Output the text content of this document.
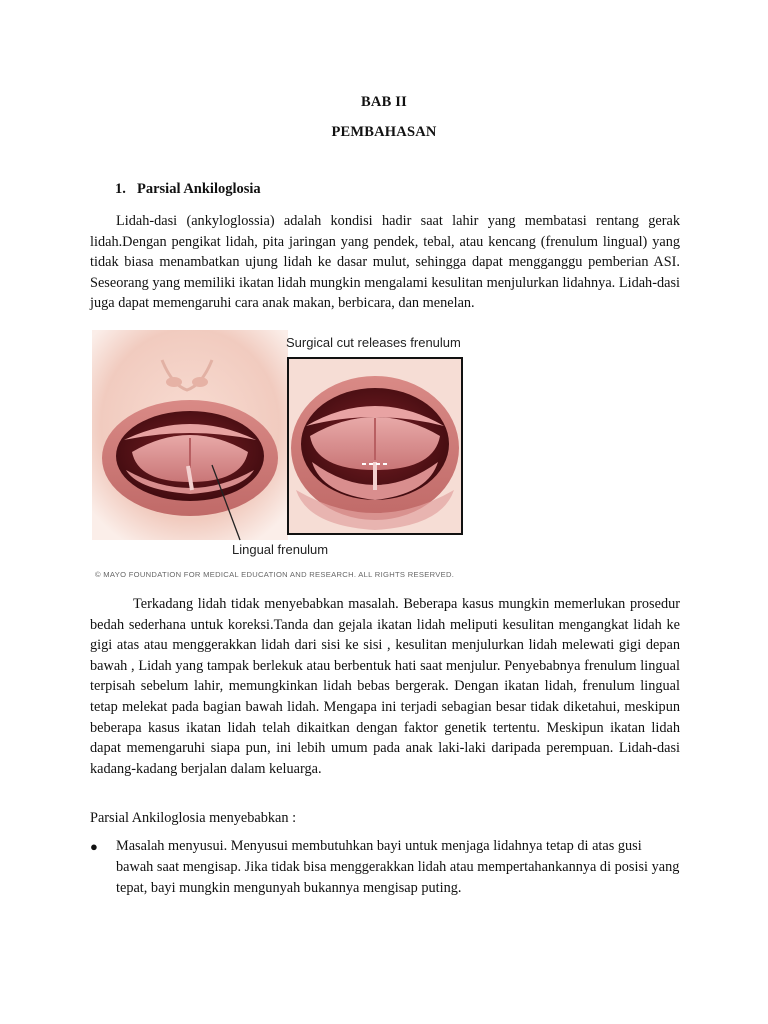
BAB II
PEMBAHASAN
1. Parsial Ankiloglosia

Lidah-dasi (ankyloglossia) adalah kondisi hadir saat lahir yang membatasi rentang gerak lidah.Dengan pengikat lidah, pita jaringan yang pendek, tebal, atau kencang (frenulum lingual) yang tidak biasa menambatkan ujung lidah ke dasar mulut, sehingga dapat mengganggu pemberian ASI. Seseorang yang memiliki ikatan lidah mungkin mengalami kesulitan menjulurkan lidahnya. Lidah-dasi juga dapat memengaruhi cara anak makan, berbicara, dan menelan.

Surgical cut releases frenulum
Lingual frenulum
© MAYO FOUNDATION FOR MEDICAL EDUCATION AND RESEARCH. ALL RIGHTS RESERVED.

Terkadang lidah tidak menyebabkan masalah. Beberapa kasus mungkin memerlukan prosedur bedah sederhana untuk koreksi.Tanda dan gejala ikatan lidah meliputi kesulitan mengangkat lidah ke gigi atas atau menggerakkan lidah dari sisi ke sisi , kesulitan menjulurkan lidah melewati gigi depan bawah , Lidah yang tampak berlekuk atau berbentuk hati saat menjulur. Penyebabnya frenulum lingual terpisah sebelum lahir, memungkinkan lidah bebas bergerak. Dengan ikatan lidah, frenulum lingual tetap melekat pada bagian bawah lidah. Mengapa ini terjadi sebagian besar tidak diketahui, meskipun beberapa kasus ikatan lidah telah dikaitkan dengan faktor genetik tertentu. Meskipun ikatan lidah dapat memengaruhi siapa pun, ini lebih umum pada anak laki-laki daripada perempuan. Lidah-dasi kadang-kadang berjalan dalam keluarga.

Parsial Ankiloglosia menyebabkan :

● Masalah menyusui. Menyusui membutuhkan bayi untuk menjaga lidahnya tetap di atas gusi bawah saat mengisap. Jika tidak bisa menggerakkan lidah atau mempertahankannya di posisi yang tepat, bayi mungkin mengunyah bukannya mengisap puting.
